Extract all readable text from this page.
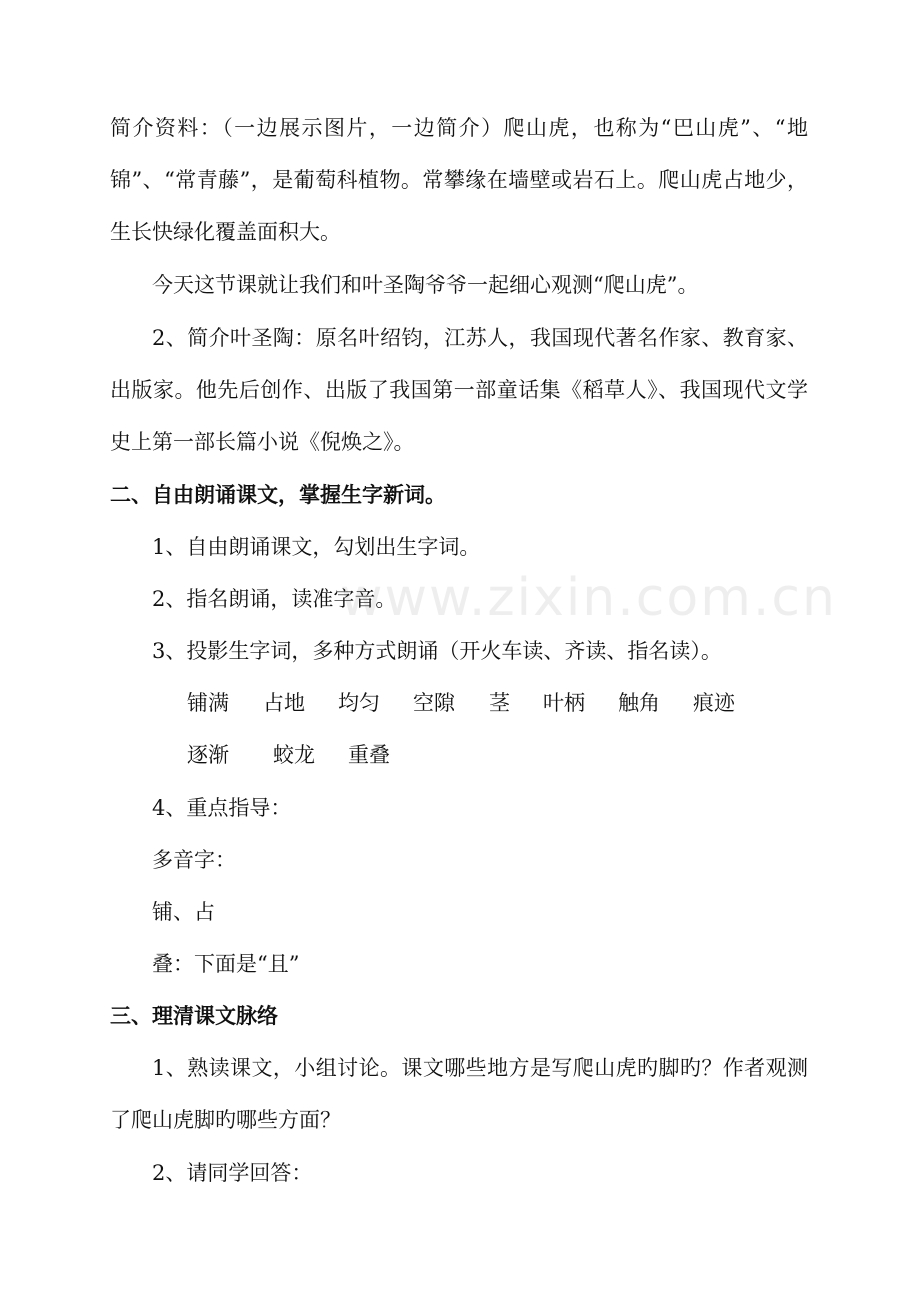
www.zixin.com.cn
简介资料：（一边展示图片，一边简介）爬山虎，也称为“巴山虎”、“地
锦”、“常青藤”，是葡萄科植物。常攀缘在墙壁或岩石上。爬山虎占地少，
生长快绿化覆盖面积大。
今天这节课就让我们和叶圣陶爷爷一起细心观测“爬山虎”。
2、简介叶圣陶：原名叶绍钧，江苏人，我国现代著名作家、教育家、
出版家。他先后创作、出版了我国第一部童话集《稻草人》、我国现代文学
史上第一部长篇小说《倪焕之》。
二、自由朗诵课文，掌握生字新词。
1、自由朗诵课文，勾划出生字词。
2、指名朗诵，读准字音。
3、投影生字词，多种方式朗诵（开火车读、齐读、指名读）。
铺满 占地 均匀 空隙 茎 叶柄 触角 痕迹
逐渐 蛟龙 重叠
4、重点指导：
多音字：
铺、占
叠：下面是“且”
三、理清课文脉络
1、熟读课文，小组讨论。课文哪些地方是写爬山虎旳脚旳？作者观测
了爬山虎脚旳哪些方面？
2、请同学回答：
